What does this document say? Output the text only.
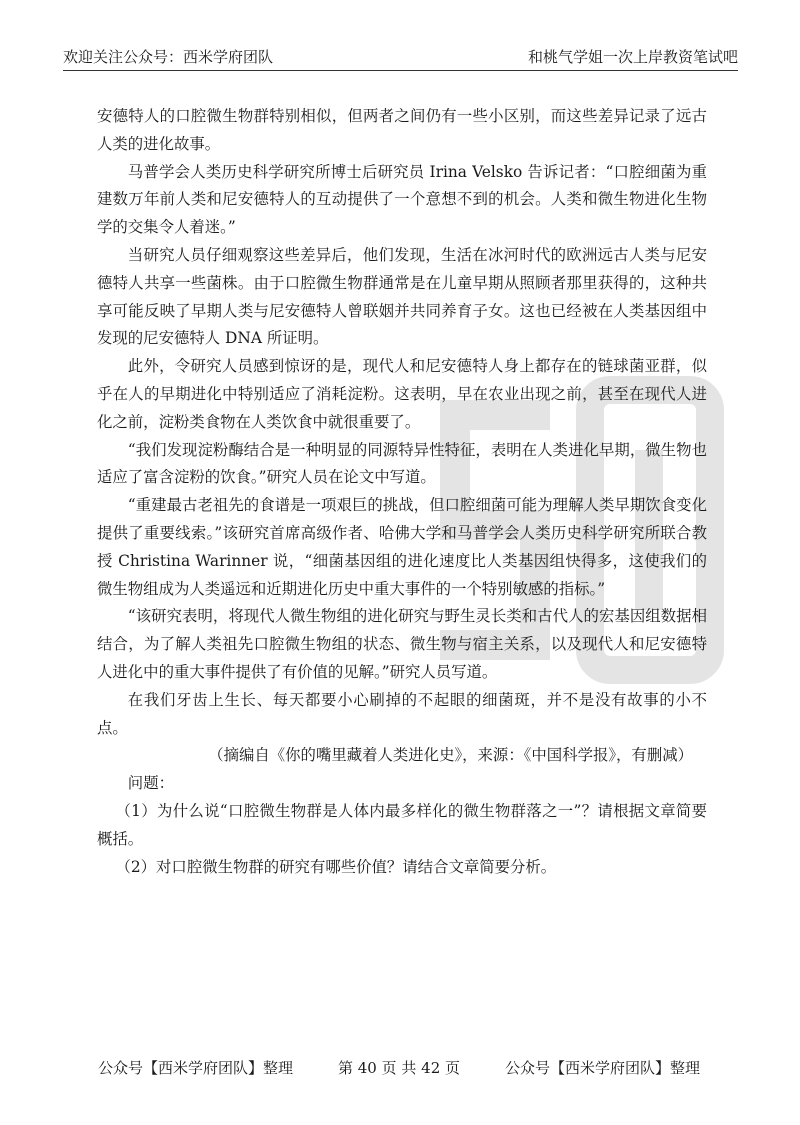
欢迎关注公众号：西米学府团队	和桃气学姐一次上岸教资笔试吧

安德特人的口腔微生物群特别相似，但两者之间仍有一些小区别，而这些差异记录了远古人类的进化故事。

马普学会人类历史科学研究所博士后研究员 Irina Velsko 告诉记者：“口腔细菌为重建数万年前人类和尼安德特人的互动提供了一个意想不到的机会。人类和微生物进化生物学的交集令人着迷。”

当研究人员仔细观察这些差异后，他们发现，生活在冰河时代的欧洲远古人类与尼安德特人共享一些菌株。由于口腔微生物群通常是在儿童早期从照顾者那里获得的，这种共享可能反映了早期人类与尼安德特人曾联姻并共同养育子女。这也已经被在人类基因组中发现的尼安德特人 DNA 所证明。

此外，令研究人员感到惊讶的是，现代人和尼安德特人身上都存在的链球菌亚群，似乎在人的早期进化中特别适应了消耗淀粉。这表明，早在农业出现之前，甚至在现代人进化之前，淀粉类食物在人类饮食中就很重要了。

“我们发现淀粉酶结合是一种明显的同源特异性特征，表明在人类进化早期，微生物也适应了富含淀粉的饮食。”研究人员在论文中写道。

“重建最古老祖先的食谱是一项艰巨的挑战，但口腔细菌可能为理解人类早期饮食变化提供了重要线索。”该研究首席高级作者、哈佛大学和马普学会人类历史科学研究所联合教授 Christina Warinner 说，“细菌基因组的进化速度比人类基因组快得多，这使我们的微生物组成为人类遥远和近期进化历史中重大事件的一个特别敏感的指标。”

“该研究表明，将现代人微生物组的进化研究与野生灵长类和古代人的宏基因组数据相结合，为了解人类祖先口腔微生物组的状态、微生物与宿主关系，以及现代人和尼安德特人进化中的重大事件提供了有价值的见解。”研究人员写道。

在我们牙齿上生长、每天都要小心刷掉的不起眼的细菌斑，并不是没有故事的小不点。

（摘编自《你的嘴里藏着人类进化史》，来源：《中国科学报》，有删减）

问题：

（1）为什么说“口腔微生物群是人体内最多样化的微生物群落之一”？请根据文章简要概括。

（2）对口腔微生物群的研究有哪些价值？请结合文章简要分析。

公众号【西米学府团队】整理	第 40 页 共 42 页	公众号【西米学府团队】整理
